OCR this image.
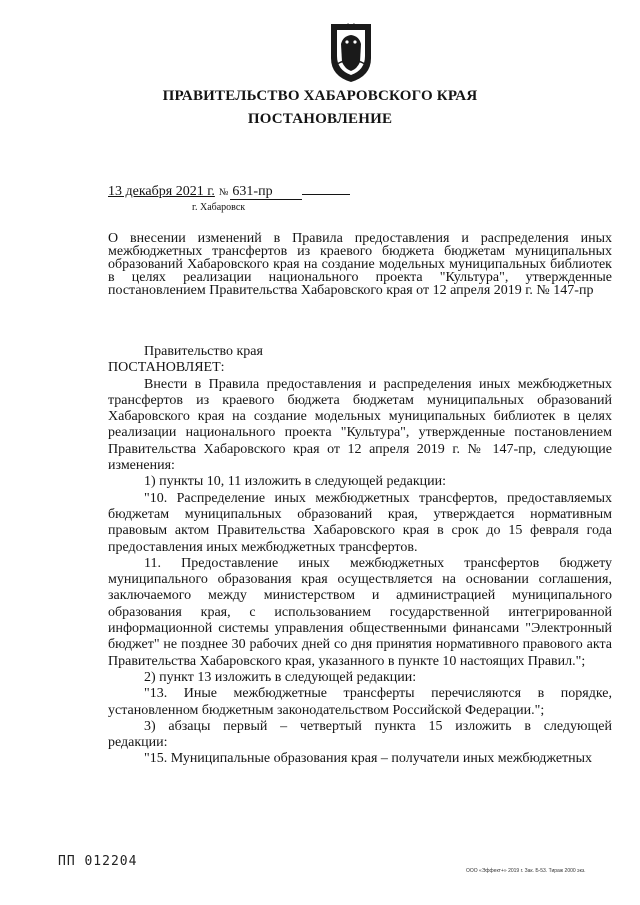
ПРАВИТЕЛЬСТВО ХАБАРОВСКОГО КРАЯ
ПОСТАНОВЛЕНИЕ
13 декабря 2021 г. № 631-пр
г. Хабаровск
О внесении изменений в Правила предоставления и распределения иных межбюджетных трансфертов из краевого бюджета бюджетам муниципальных образований Хабаровского края на создание модельных муниципальных библиотек в целях реализации национального проекта "Культура", утвержденные постановлением Правительства Хабаровского края от 12 апреля 2019 г. № 147-пр

Правительство края

ПОСТАНОВЛЯЕТ:

Внести в Правила предоставления и распределения иных межбюджетных трансфертов из краевого бюджета бюджетам муниципальных образований Хабаровского края на создание модельных муниципальных библиотек в целях реализации национального проекта "Культура", утвержденные постановлением Правительства Хабаровского края от 12 апреля 2019 г. № 147-пр, следующие изменения:

1) пункты 10, 11 изложить в следующей редакции:

"10. Распределение иных межбюджетных трансфертов, предоставляемых бюджетам муниципальных образований края, утверждается нормативным правовым актом Правительства Хабаровского края в срок до 15 февраля года предоставления иных межбюджетных трансфертов.

11. Предоставление иных межбюджетных трансфертов бюджету муниципального образования края осуществляется на основании соглашения, заключаемого между министерством и администрацией муниципального образования края, с использованием государственной интегрированной информационной системы управления общественными финансами "Электронный бюджет" не позднее 30 рабочих дней со дня принятия нормативного правового акта Правительства Хабаровского края, указанного в пункте 10 настоящих Правил.";

2) пункт 13 изложить в следующей редакции:

"13. Иные межбюджетные трансферты перечисляются в порядке, установленном бюджетным законодательством Российской Федерации.";

3) абзацы первый – четвертый пункта 15 изложить в следующей

редакции:

"15. Муниципальные образования края – получатели иных межбюджетных

ПП 012204
ООО «Эффект+» 2019 г. Зак. Б-53. Тираж 2000 экз.
